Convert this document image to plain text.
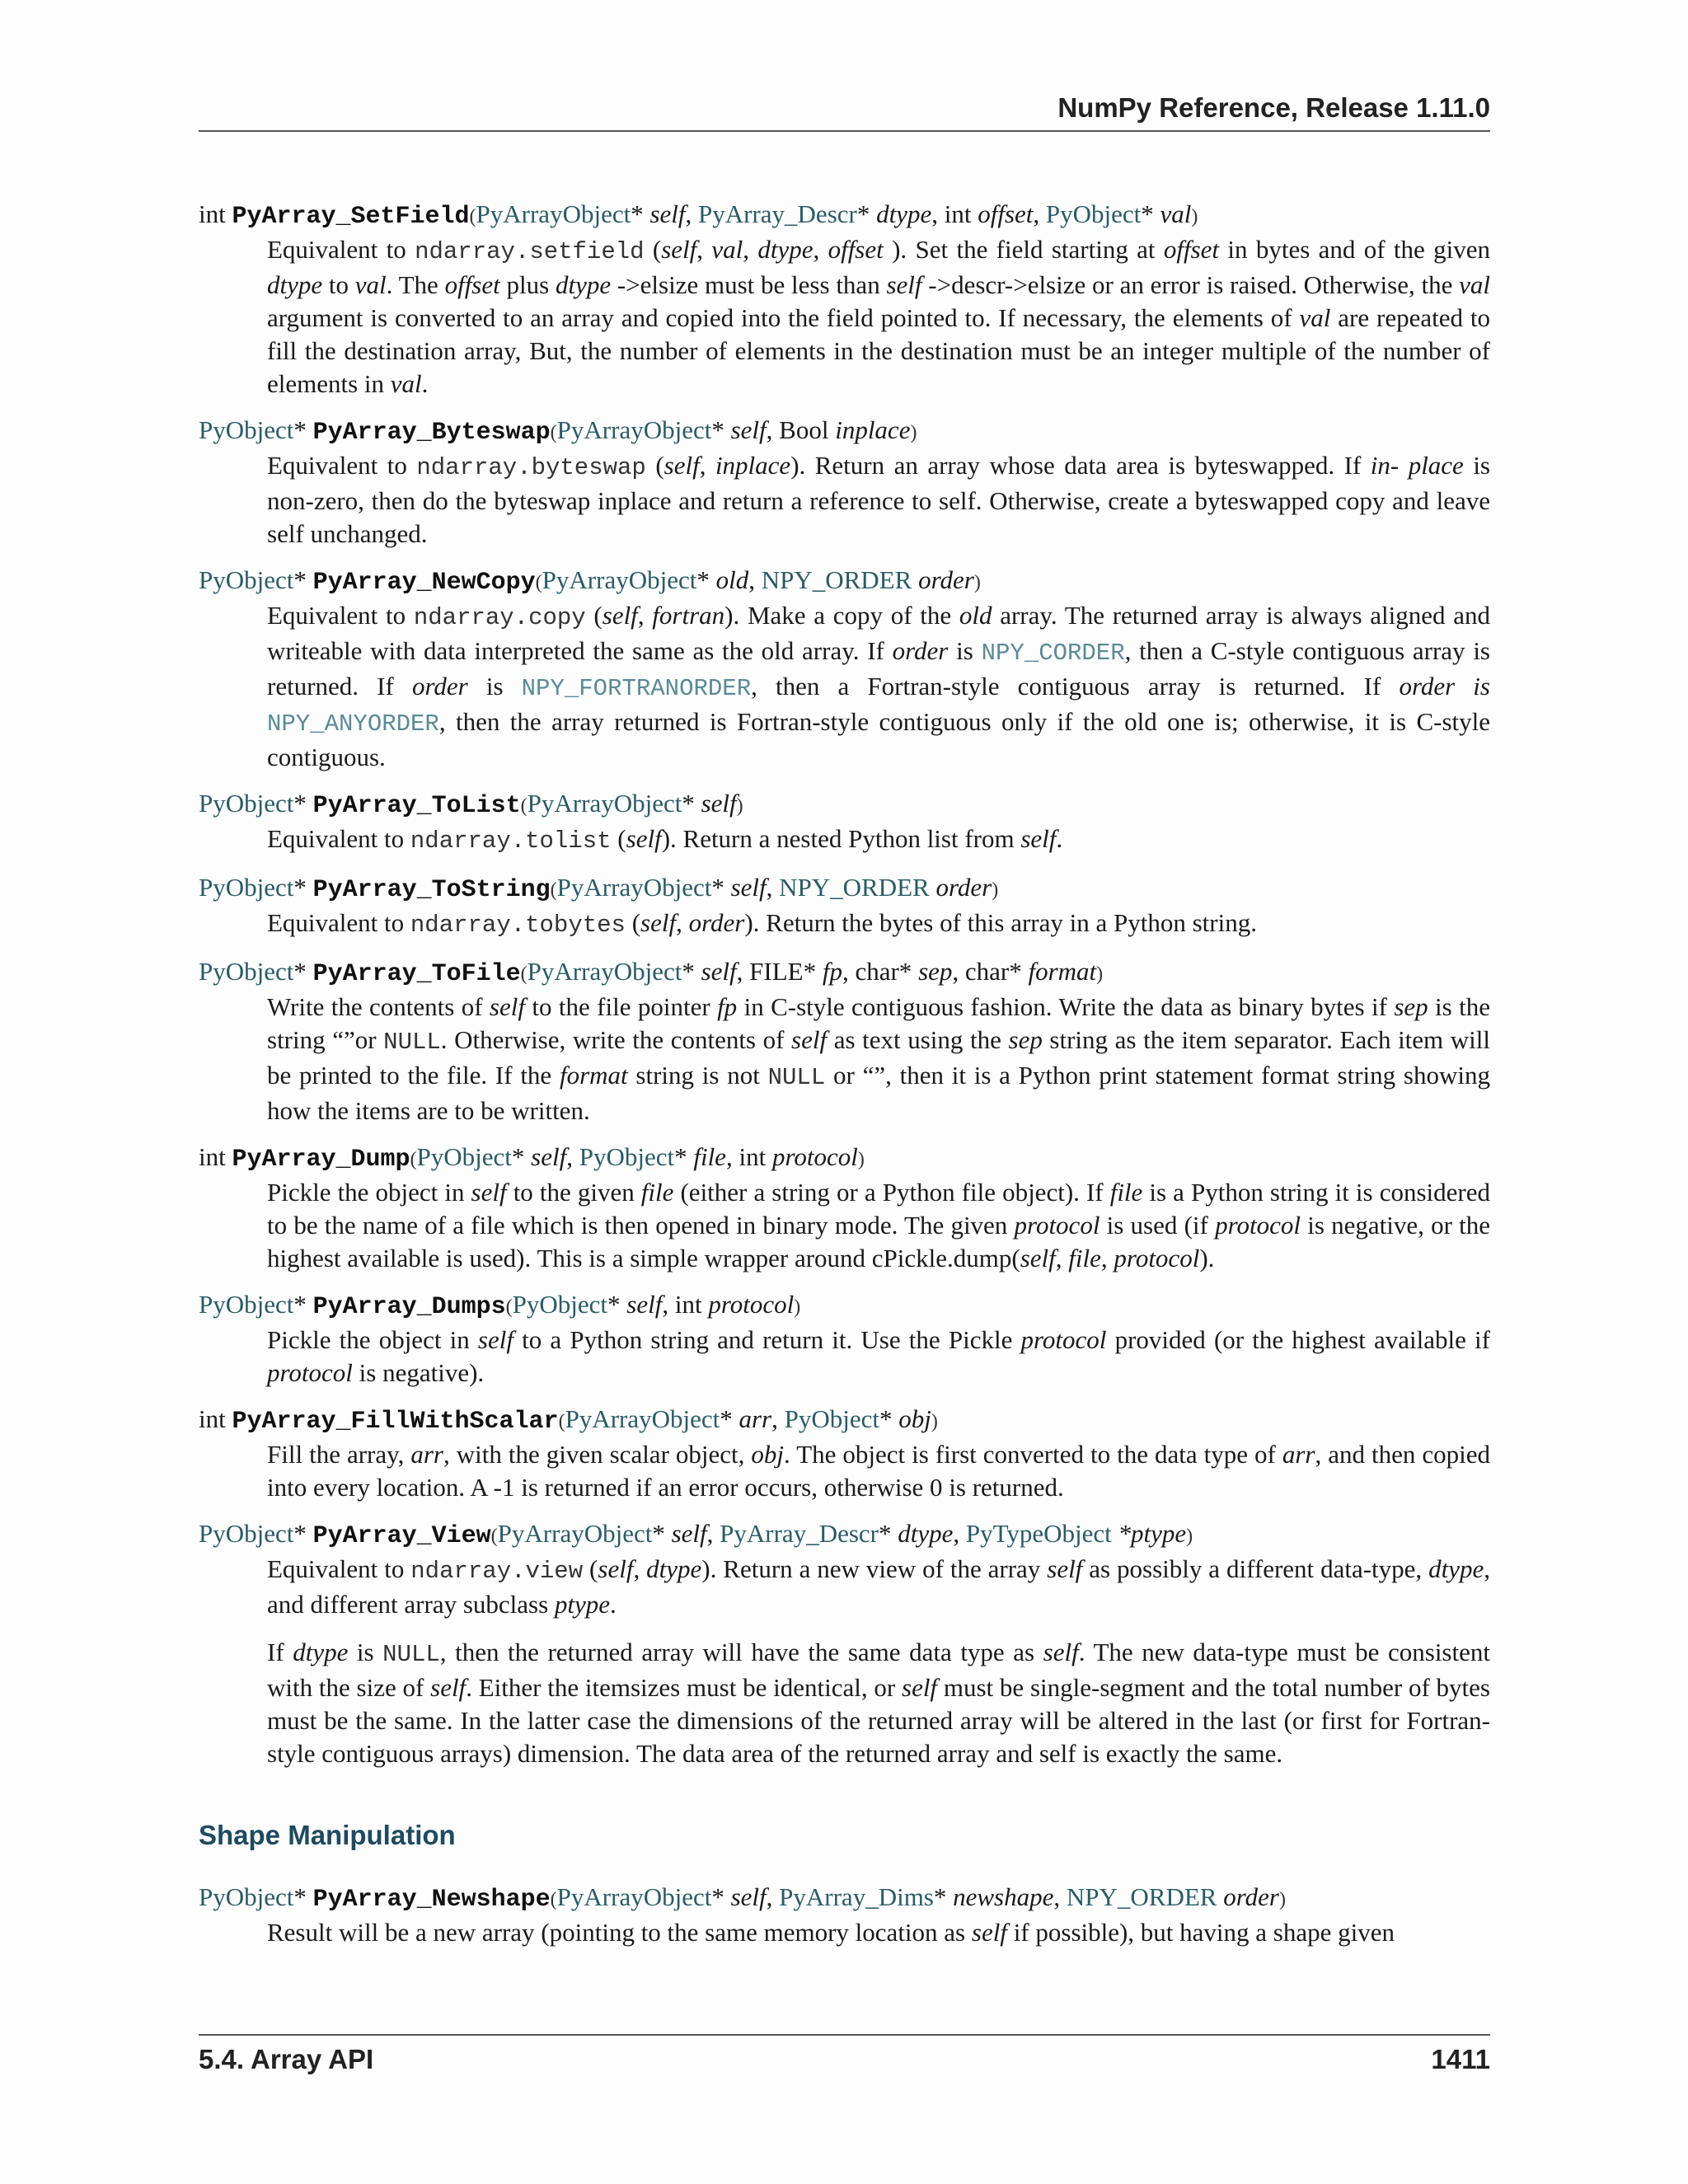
NumPy Reference, Release 1.11.0
int PyArray_SetField(PyArrayObject* self, PyArray_Descr* dtype, int offset, PyObject* val)

Equivalent to ndarray.setfield (self, val, dtype, offset ). Set the field starting at offset in bytes and of the given dtype to val. The offset plus dtype ->elsize must be less than self ->descr->elsize or an error is raised. Otherwise, the val argument is converted to an array and copied into the field pointed to. If necessary, the elements of val are repeated to fill the destination array, But, the number of elements in the destination must be an integer multiple of the number of elements in val.

PyObject* PyArray_Byteswap(PyArrayObject* self, Bool inplace)

Equivalent to ndarray.byteswap (self, inplace). Return an array whose data area is byteswapped. If in- place is non-zero, then do the byteswap inplace and return a reference to self. Otherwise, create a byteswapped copy and leave self unchanged.

PyObject* PyArray_NewCopy(PyArrayObject* old, NPY_ORDER order)

Equivalent to ndarray.copy (self, fortran). Make a copy of the old array. The returned array is always aligned and writeable with data interpreted the same as the old array. If order is NPY_CORDER, then a C-style contiguous array is returned. If order is NPY_FORTRANORDER, then a Fortran-style contiguous array is returned. If order is NPY_ANYORDER, then the array returned is Fortran-style contiguous only if the old one is; otherwise, it is C-style contiguous.

PyObject* PyArray_ToList(PyArrayObject* self)

Equivalent to ndarray.tolist (self). Return a nested Python list from self.

PyObject* PyArray_ToString(PyArrayObject* self, NPY_ORDER order)

Equivalent to ndarray.tobytes (self, order). Return the bytes of this array in a Python string.

PyObject* PyArray_ToFile(PyArrayObject* self, FILE* fp, char* sep, char* format)

Write the contents of self to the file pointer fp in C-style contiguous fashion. Write the data as binary bytes if sep is the string “”or NULL. Otherwise, write the contents of self as text using the sep string as the item separator. Each item will be printed to the file. If the format string is not NULL or “”, then it is a Python print statement format string showing how the items are to be written.

int PyArray_Dump(PyObject* self, PyObject* file, int protocol)

Pickle the object in self to the given file (either a string or a Python file object). If file is a Python string it is considered to be the name of a file which is then opened in binary mode. The given protocol is used (if protocol is negative, or the highest available is used). This is a simple wrapper around cPickle.dump(self, file, protocol).

PyObject* PyArray_Dumps(PyObject* self, int protocol)

Pickle the object in self to a Python string and return it. Use the Pickle protocol provided (or the highest available if protocol is negative).

int PyArray_FillWithScalar(PyArrayObject* arr, PyObject* obj)

Fill the array, arr, with the given scalar object, obj. The object is first converted to the data type of arr, and then copied into every location. A -1 is returned if an error occurs, otherwise 0 is returned.

PyObject* PyArray_View(PyArrayObject* self, PyArray_Descr* dtype, PyTypeObject *ptype)

Equivalent to ndarray.view (self, dtype). Return a new view of the array self as possibly a different data-type, dtype, and different array subclass ptype.

If dtype is NULL, then the returned array will have the same data type as self. The new data-type must be consistent with the size of self. Either the itemsizes must be identical, or self must be single-segment and the total number of bytes must be the same. In the latter case the dimensions of the returned array will be altered in the last (or first for Fortran-style contiguous arrays) dimension. The data area of the returned array and self is exactly the same.

Shape Manipulation
PyObject* PyArray_Newshape(PyArrayObject* self, PyArray_Dims* newshape, NPY_ORDER order)

Result will be a new array (pointing to the same memory location as self if possible), but having a shape given

5.4. Array API	1411
